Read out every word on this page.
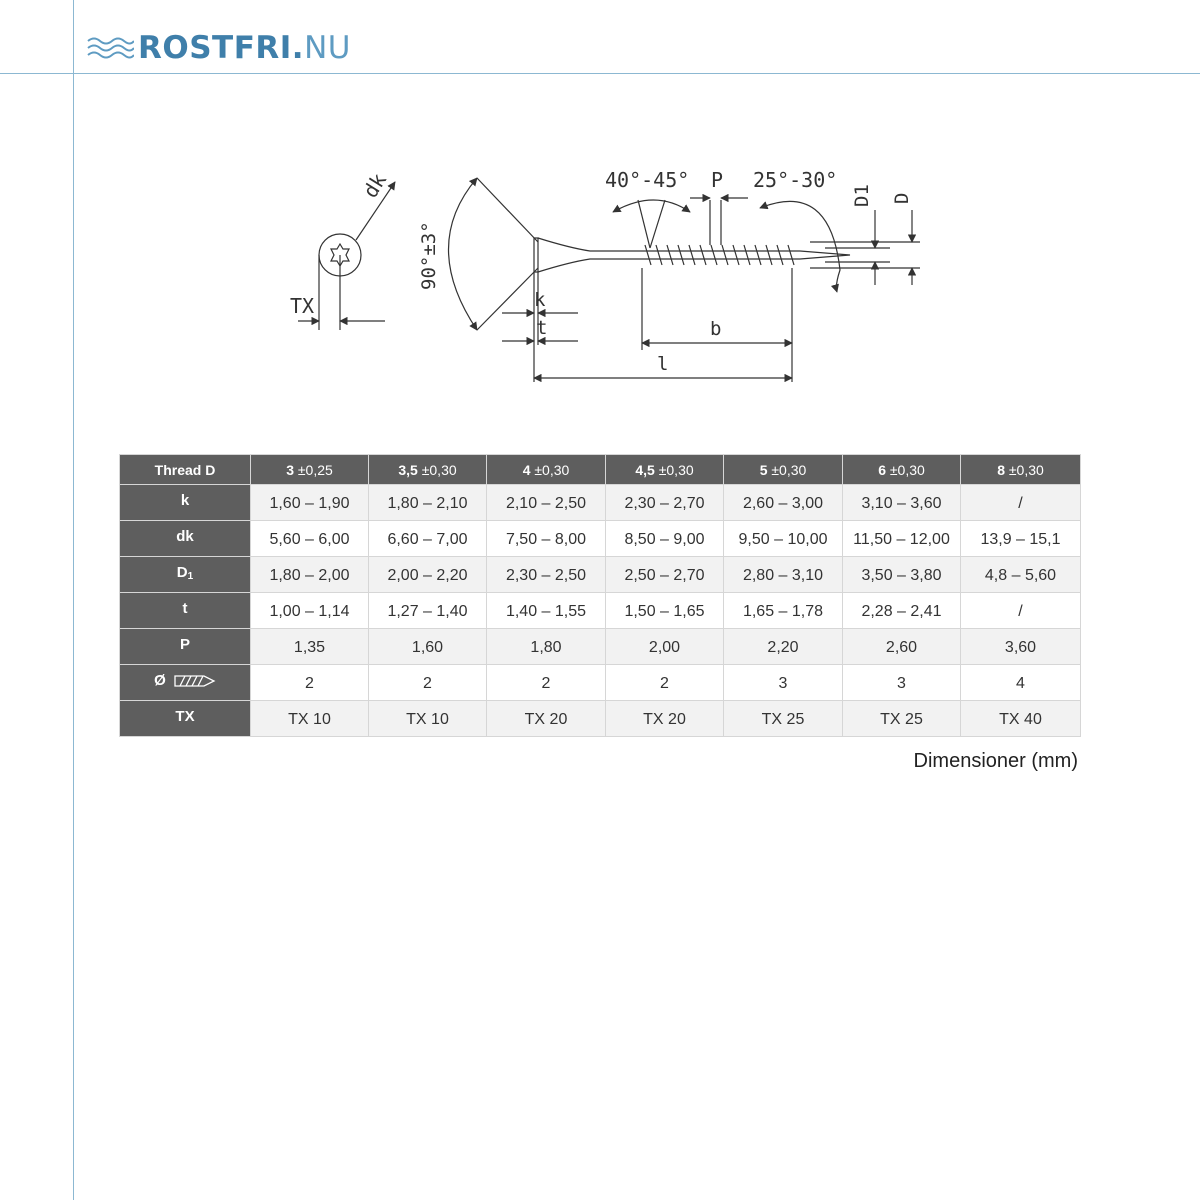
ROSTFRI.NU
dk
TX
90°±3°
k
t	b
l
40°-45° P 25°-30°
D1 D
Thread D	3 ±0,25	3,5 ±0,30	4 ±0,30	4,5 ±0,30	5 ±0,30	6 ±0,30	8 ±0,30
k	1,60 – 1,90	1,80 – 2,10	2,10 – 2,50	2,30 – 2,70	2,60 – 3,00	3,10 – 3,60	/
dk	5,60 – 6,00	6,60 – 7,00	7,50 – 8,00	8,50 – 9,00	9,50 – 10,00	11,50 – 12,00	13,9 – 15,1
$D_1$	1,80 – 2,00	2,00 – 2,20	2,30 – 2,50	2,50 – 2,70	2,80 – 3,10	3,50 – 3,80	4,8 – 5,60
t	1,00 – 1,14	1,27 – 1,40	1,40 – 1,55	1,50 – 1,65	1,65 – 1,78	2,28 – 2,41	/
P	1,35	1,60	1,80	2,00	2,20	2,60	3,60
Ø	2	2	2	2	3	3	4
TX	TX 10	TX 10	TX 20	TX 20	TX 25	TX 25	TX 40
Dimensioner (mm)
